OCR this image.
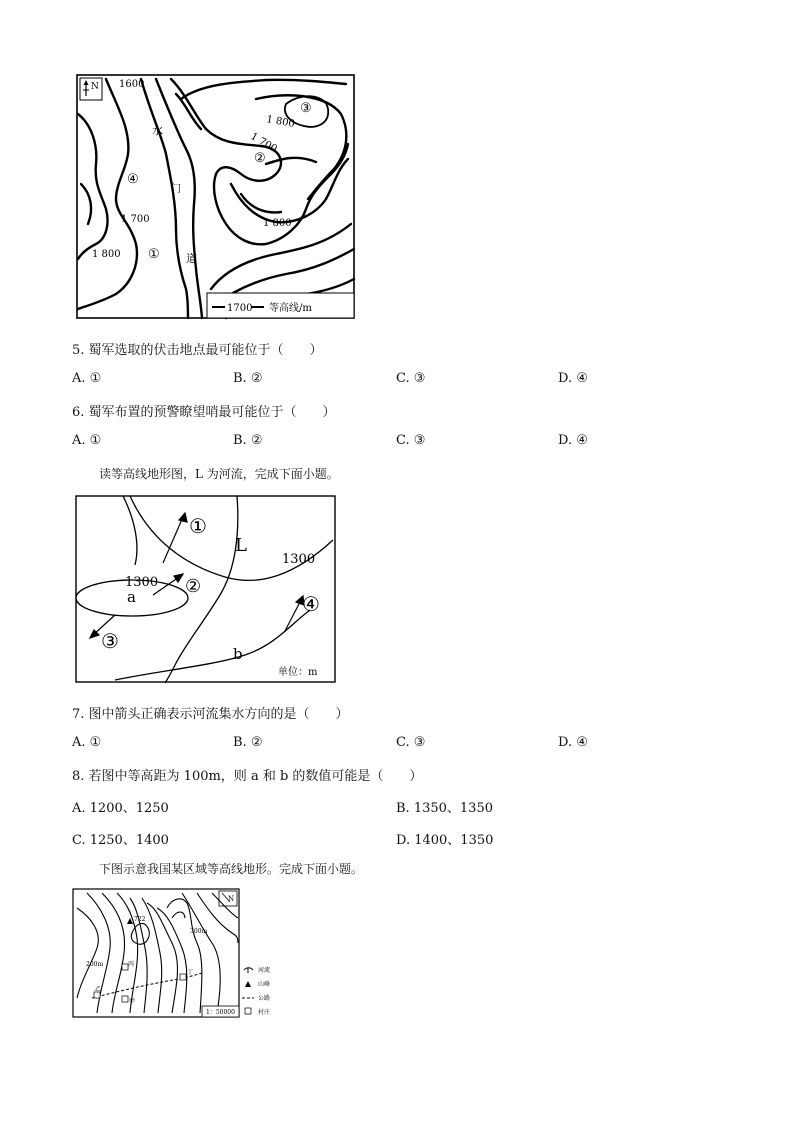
N 1600
1 800
1 700
1 800
1 700
1 800
水
门
道
①
②
③
④
1700 等高线/m
5. 蜀军选取的伏击地点最可能位于（　　）
A. ①	B. ②	C. ③	D. ④
6. 蜀军布置的预警瞭望哨最可能位于（　　）
A. ①	B. ②	C. ③	D. ④
读等高线地形图，L 为河流，完成下面小题。
L
1300
1300
a
b
①
②
③
④
单位：m
7. 图中箭头正确表示河流集水方向的是（　　）
A. ①	B. ②	C. ③	D. ④
8. 若图中等高距为 100m，则 a 和 b 的数值可能是（　　）
A. 1200、1250	B. 1350、1350
C. 1250、1400	D. 1400、1350
下图示意我国某区域等高线地形。完成下面小题。
N
722
300m
200m	丙
丁
甲
乙
1：50000
河流
山峰
公路
村庄
